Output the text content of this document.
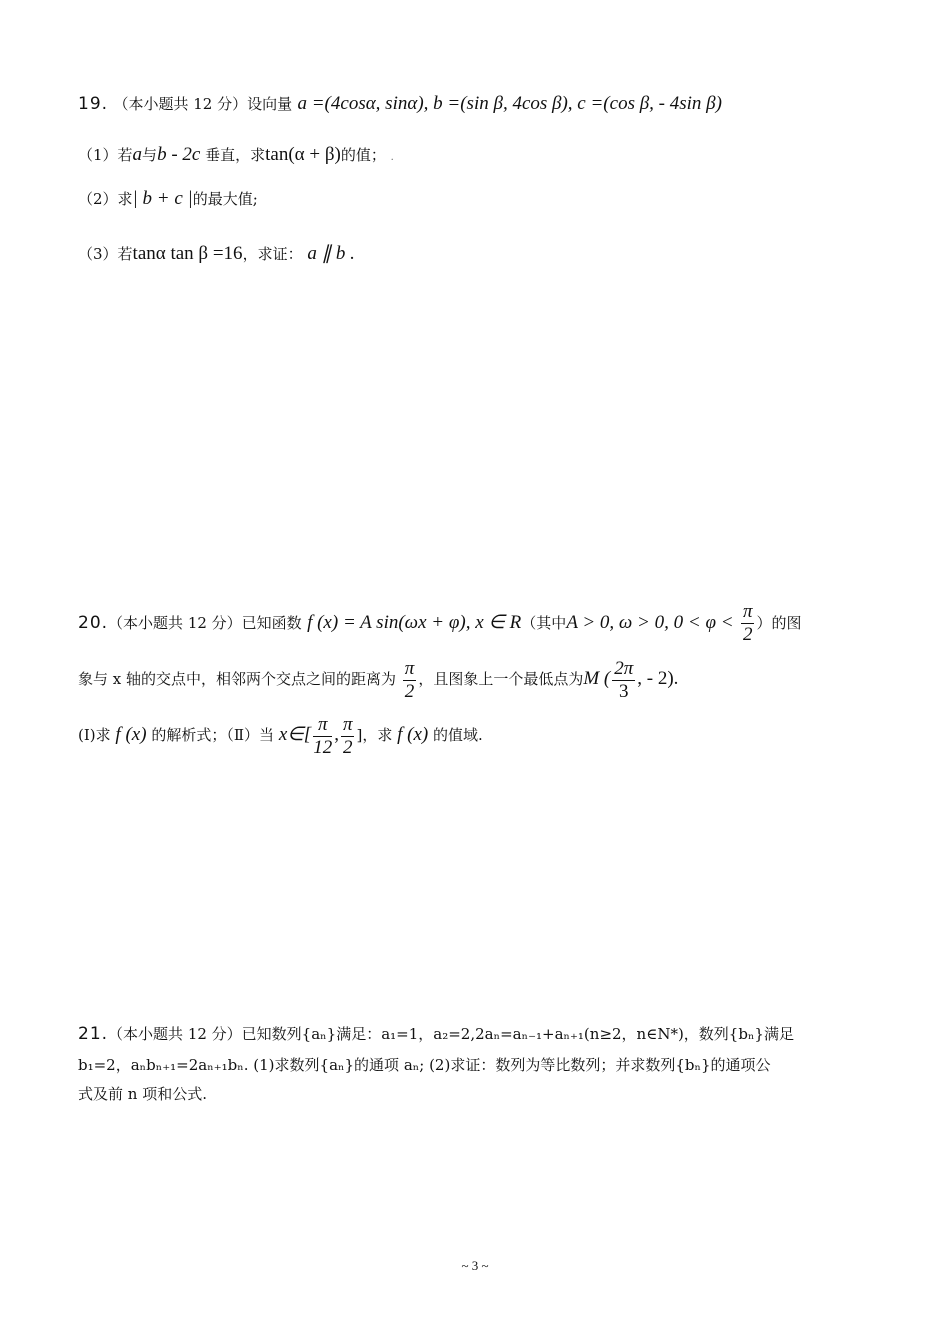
19. （本小题共 12 分）设向量 a =(4cosα, sinα), b =(sin β, 4cos β), c =(cos β, - 4sin β)
（1）若a与b - 2c 垂直，求tan(α + β)的值； .
（2）求| b + c |的最大值;
（3）若tanα tan β =16，求证： a ∥ b .
20.（本小题共 12 分）已知函数 f (x) = A sin(ωx + φ), x ∈ R（其中A > 0, ω > 0, $0 < \varphi < \frac{\pi}{2}$ ）的图
象与 x 轴的交点中，相邻两个交点之间的距离为 $\frac{\pi}{2}$ ，且图象上一个最低点为M ( $\frac{2\pi}{3}$ , - 2).
(Ⅰ)求 f (x) 的解析式；（Ⅱ）当 x∈[ $\frac{\pi}{12}$ , $\frac{\pi}{2}$ ]，求 f (x) 的值域.
21.（本小题共 12 分）已知数列{aₙ}满足：a₁=1，a₂=2,2aₙ=aₙ₋₁+aₙ₊₁(n≥2，n∈N*)，数列{bₙ}满足
b₁=2，aₙbₙ₊₁=2aₙ₊₁bₙ. (1)求数列{aₙ}的通项 aₙ; (2)求证：数列为等比数列；并求数列{bₙ}的通项公
式及前 n 项和公式.
~ 3 ~
